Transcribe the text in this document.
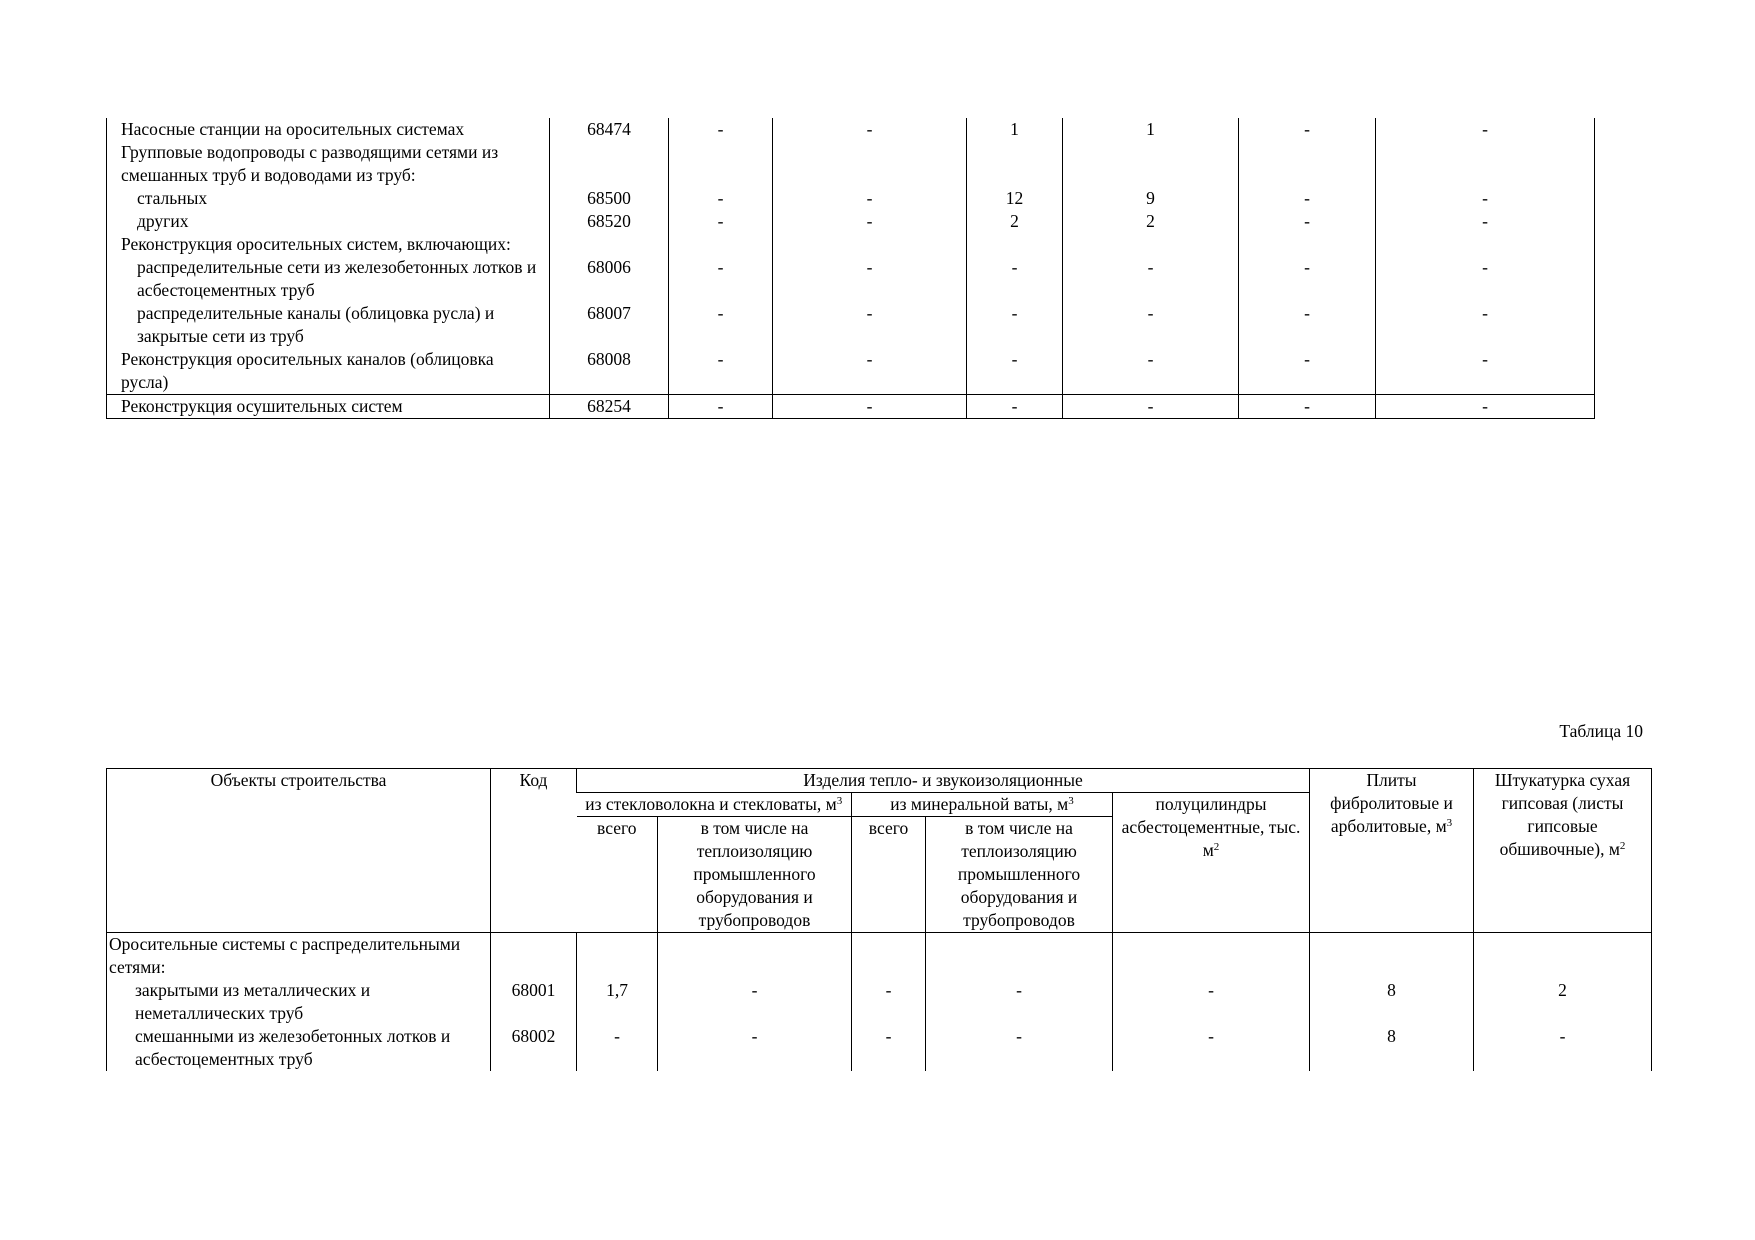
Насосные станции на оросительных системах	68474	-	-	1	1	-	-
Групповые водопроводы с разводящими сетями из смешанных труб и водоводами из труб:							
стальных	68500	-	-	12	9	-	-
других	68520	-	-	2	2	-	-
Реконструкция оросительных систем, включающих:							
распределительные сети из железобетонных лотков и асбестоцементных труб	68006	-	-	-	-	-	-
распределительные каналы (облицовка русла) и закрытые сети из труб	68007	-	-	-	-	-	-
Реконструкция оросительных каналов (облицовка русла)	68008	-	-	-	-	-	-
Реконструкция осушительных систем	68254	-	-	-	-	-	-
Таблица 10
Объекты строительства	Код	Изделия тепло- и звукоизоляционные					Плиты фибролитовые и арболитовые, $м^3$	Штукатурка сухая гипсовая (листы гипсовые обшивочные), $м^2$
		из стекловолокна и стекловаты, $м^3$		из минеральной ваты, $м^3$		полуцилиндры асбестоцементные, тыс. $м^2$
		всего	в том числе на теплоизоляцию промышленного оборудования и трубопроводов	всего	в том числе на теплоизоляцию промышленного оборудования и трубопроводов			
Оросительные системы с распределительными сетями:								
закрытыми из металлических и неметаллических труб	68001	1,7	-	-	-	-	8	2
смешанными из железобетонных лотков и асбестоцементных труб	68002	-	-	-	-	-	8	-
